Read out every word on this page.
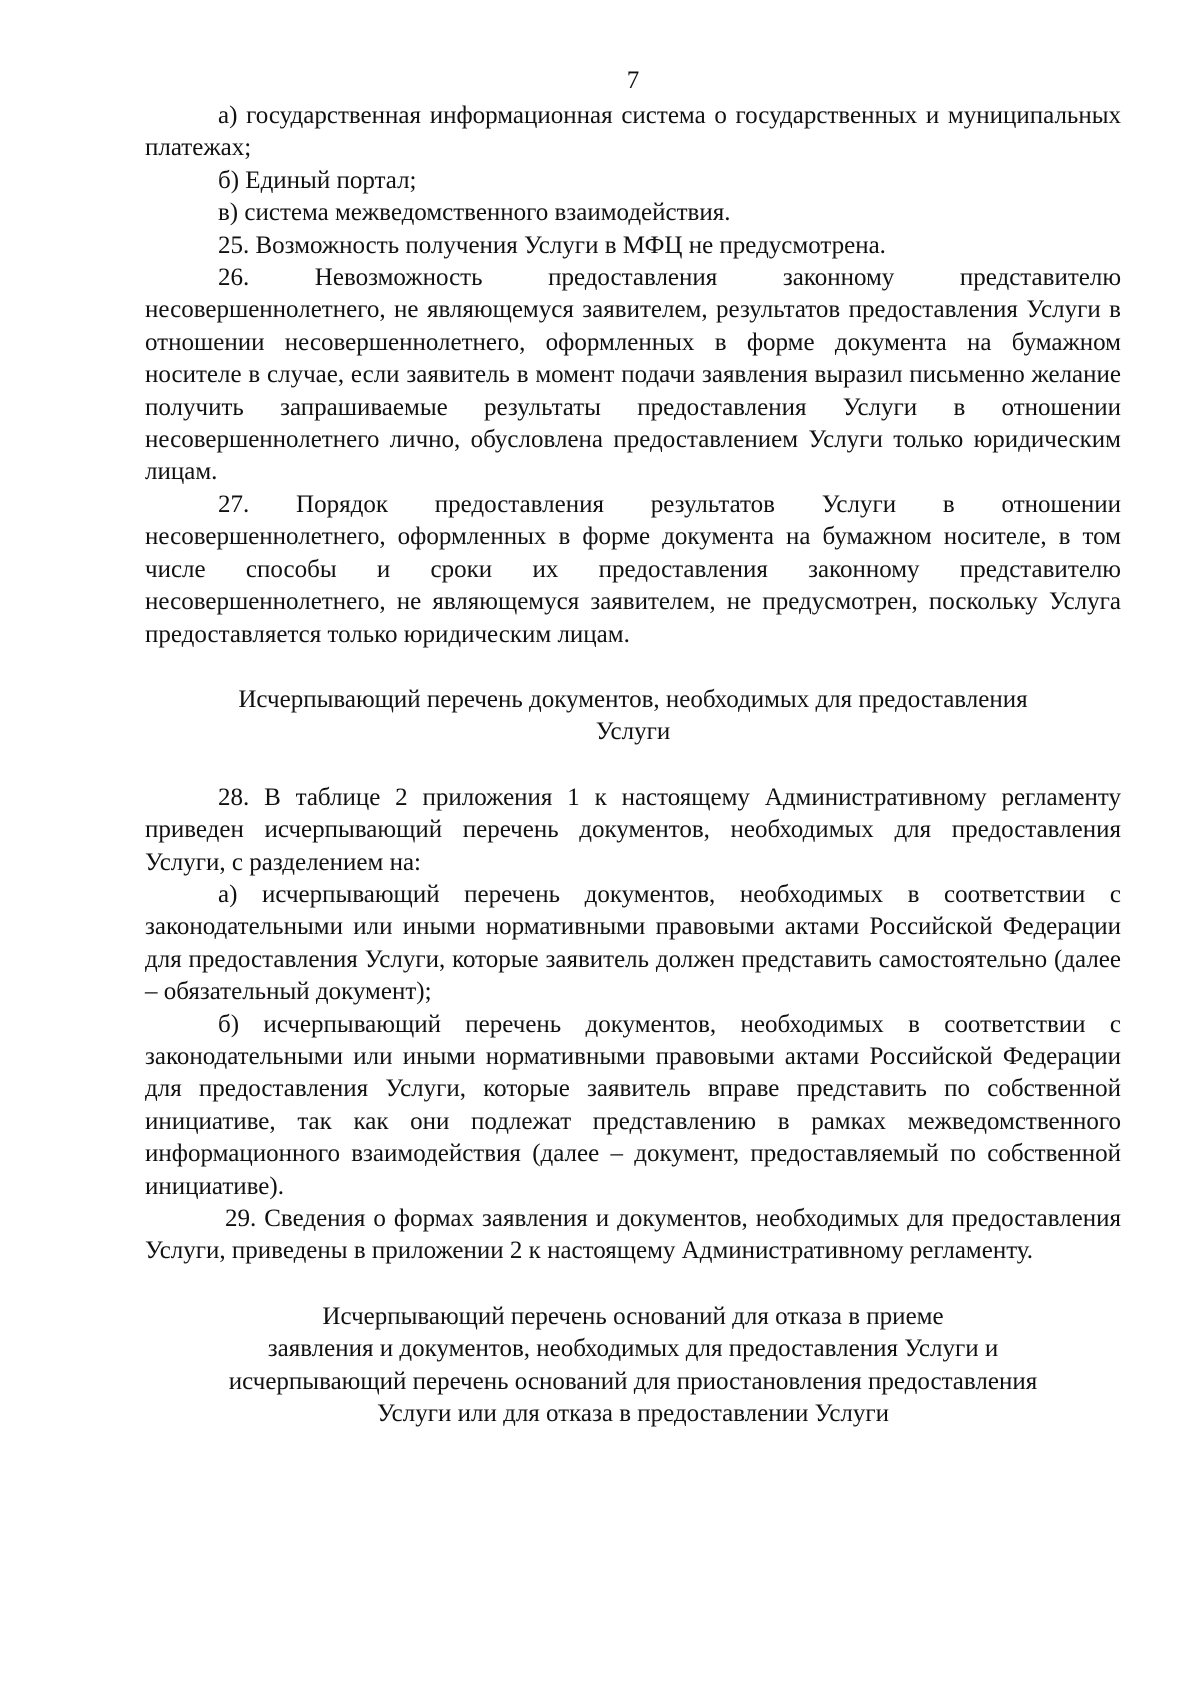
7

а) государственная информационная система о государственных и муниципальных платежах;

б) Единый портал;

в) система межведомственного взаимодействия.

25. Возможность получения Услуги в МФЦ не предусмотрена.

26. Невозможность предоставления законному представителю несовершеннолетнего, не являющемуся заявителем, результатов предоставления Услуги в отношении несовершеннолетнего, оформленных в форме документа на бумажном носителе в случае, если заявитель в момент подачи заявления выразил письменно желание получить запрашиваемые результаты предоставления Услуги в отношении несовершеннолетнего лично, обусловлена предоставлением Услуги только юридическим лицам.

27. Порядок предоставления результатов Услуги в отношении несовершеннолетнего, оформленных в форме документа на бумажном носителе, в том числе способы и сроки их предоставления законному представителю несовершеннолетнего, не являющемуся заявителем, не предусмотрен, поскольку Услуга предоставляется только юридическим лицам.

Исчерпывающий перечень документов, необходимых для предоставления
Услуги

28. В таблице 2 приложения 1 к настоящему Административному регламенту приведен исчерпывающий перечень документов, необходимых для предоставления Услуги, с разделением на:

а) исчерпывающий перечень документов, необходимых в соответствии с законодательными или иными нормативными правовыми актами Российской Федерации для предоставления Услуги, которые заявитель должен представить самостоятельно (далее – обязательный документ);

б) исчерпывающий перечень документов, необходимых в соответствии с законодательными или иными нормативными правовыми актами Российской Федерации для предоставления Услуги, которые заявитель вправе представить по собственной инициативе, так как они подлежат представлению в рамках межведомственного информационного взаимодействия (далее – документ, предоставляемый по собственной инициативе).

29. Сведения о формах заявления и документов, необходимых для предоставления Услуги, приведены в приложении 2 к настоящему Административному регламенту.

Исчерпывающий перечень оснований для отказа в приеме
заявления и документов, необходимых для предоставления Услуги и
исчерпывающий перечень оснований для приостановления предоставления
Услуги или для отказа в предоставлении Услуги
